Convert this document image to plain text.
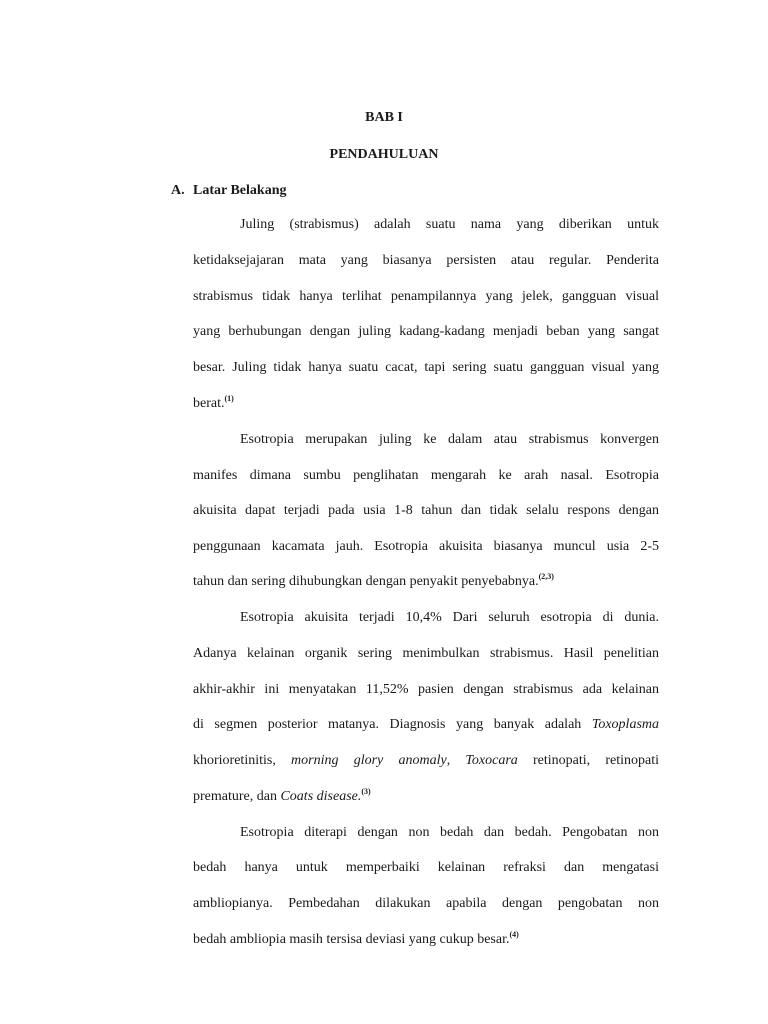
BAB I
PENDAHULUAN
A. Latar Belakang
Juling (strabismus) adalah suatu nama yang diberikan untuk
ketidaksejajaran mata yang biasanya persisten atau regular. Penderita
strabismus tidak hanya terlihat penampilannya yang jelek, gangguan visual
yang berhubungan dengan juling kadang-kadang menjadi beban yang sangat
besar. Juling tidak hanya suatu cacat, tapi sering suatu gangguan visual yang
berat.$^{(1)}$
Esotropia merupakan juling ke dalam atau strabismus konvergen
manifes dimana sumbu penglihatan mengarah ke arah nasal. Esotropia
akuisita dapat terjadi pada usia 1-8 tahun dan tidak selalu respons dengan
penggunaan kacamata jauh. Esotropia akuisita biasanya muncul usia 2-5
tahun dan sering dihubungkan dengan penyakit penyebabnya.$^{(2,3)}$
Esotropia akuisita terjadi 10,4% Dari seluruh esotropia di dunia.
Adanya kelainan organik sering menimbulkan strabismus. Hasil penelitian
akhir-akhir ini menyatakan 11,52% pasien dengan strabismus ada kelainan
di segmen posterior matanya. Diagnosis yang banyak adalah Toxoplasma
khorioretinitis, morning glory anomaly, Toxocara retinopati, retinopati
premature, dan Coats disease.$^{(3)}$
Esotropia diterapi dengan non bedah dan bedah. Pengobatan non
bedah hanya untuk memperbaiki kelainan refraksi dan mengatasi
ambliopianya. Pembedahan dilakukan apabila dengan pengobatan non
bedah ambliopia masih tersisa deviasi yang cukup besar.$^{(4)}$
